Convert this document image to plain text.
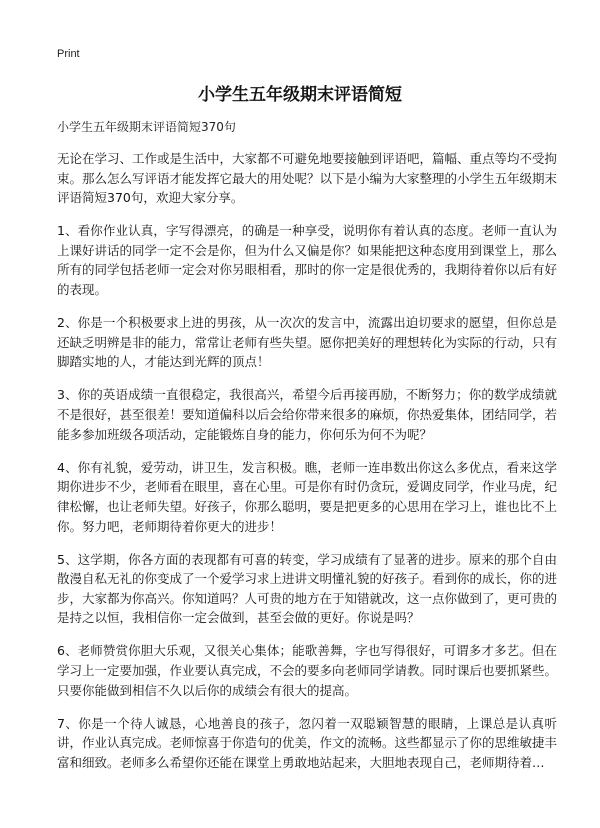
Print
小学生五年级期末评语简短

小学生五年级期末评语简短370句

无论在学习、工作或是生活中，大家都不可避免地要接触到评语吧，篇幅、重点等均不受拘束。那么怎么写评语才能发挥它最大的用处呢？以下是小编为大家整理的小学生五年级期末评语简短370句，欢迎大家分享。

1、看你作业认真，字写得漂亮，的确是一种享受，说明你有着认真的态度。老师一直认为上课好讲话的同学一定不会是你，但为什么又偏是你？如果能把这种态度用到课堂上，那么所有的同学包括老师一定会对你另眼相看，那时的你一定是很优秀的，我期待着你以后有好的表现。

2、你是一个积极要求上进的男孩，从一次次的发言中，流露出迫切要求的愿望，但你总是还缺乏明辨是非的能力，常常让老师有些失望。愿你把美好的理想转化为实际的行动，只有脚踏实地的人，才能达到光辉的顶点！

3、你的英语成绩一直很稳定，我很高兴，希望今后再接再励，不断努力；你的数学成绩就不是很好，甚至很差！要知道偏科以后会给你带来很多的麻烦，你热爱集体，团结同学，若能多参加班级各项活动，定能锻炼自身的能力，你何乐为何不为呢？

4、你有礼貌，爱劳动，讲卫生，发言积极。瞧，老师一连串数出你这么多优点，看来这学期你进步不少，老师看在眼里，喜在心里。可是你有时仍贪玩，爱调皮同学，作业马虎，纪律松懈，也让老师失望。好孩子，你那么聪明，要是把更多的心思用在学习上，谁也比不上你。努力吧，老师期待着你更大的进步！

5、这学期，你各方面的表现都有可喜的转变，学习成绩有了显著的进步。原来的那个自由散漫自私无礼的你变成了一个爱学习求上进讲文明懂礼貌的好孩子。看到你的成长，你的进步，大家都为你高兴。你知道吗？人可贵的地方在于知错就改，这一点你做到了，更可贵的是持之以恒，我相信你一定会做到，甚至会做的更好。你说是吗？

6、老师赞赏你胆大乐观，又很关心集体；能歌善舞，字也写得很好，可谓多才多艺。但在学习上一定要加强，作业要认真完成，不会的要多向老师同学请教。同时课后也要抓紧些。只要你能做到相信不久以后你的成绩会有很大的提高。

7、你是一个待人诚恳，心地善良的孩子，忽闪着一双聪颖智慧的眼睛，上课总是认真听讲，作业认真完成。老师惊喜于你造句的优美，作文的流畅。这些都显示了你的思维敏捷丰富和细致。老师多么希望你还能在课堂上勇敢地站起来，大胆地表现自己，老师期待着…
